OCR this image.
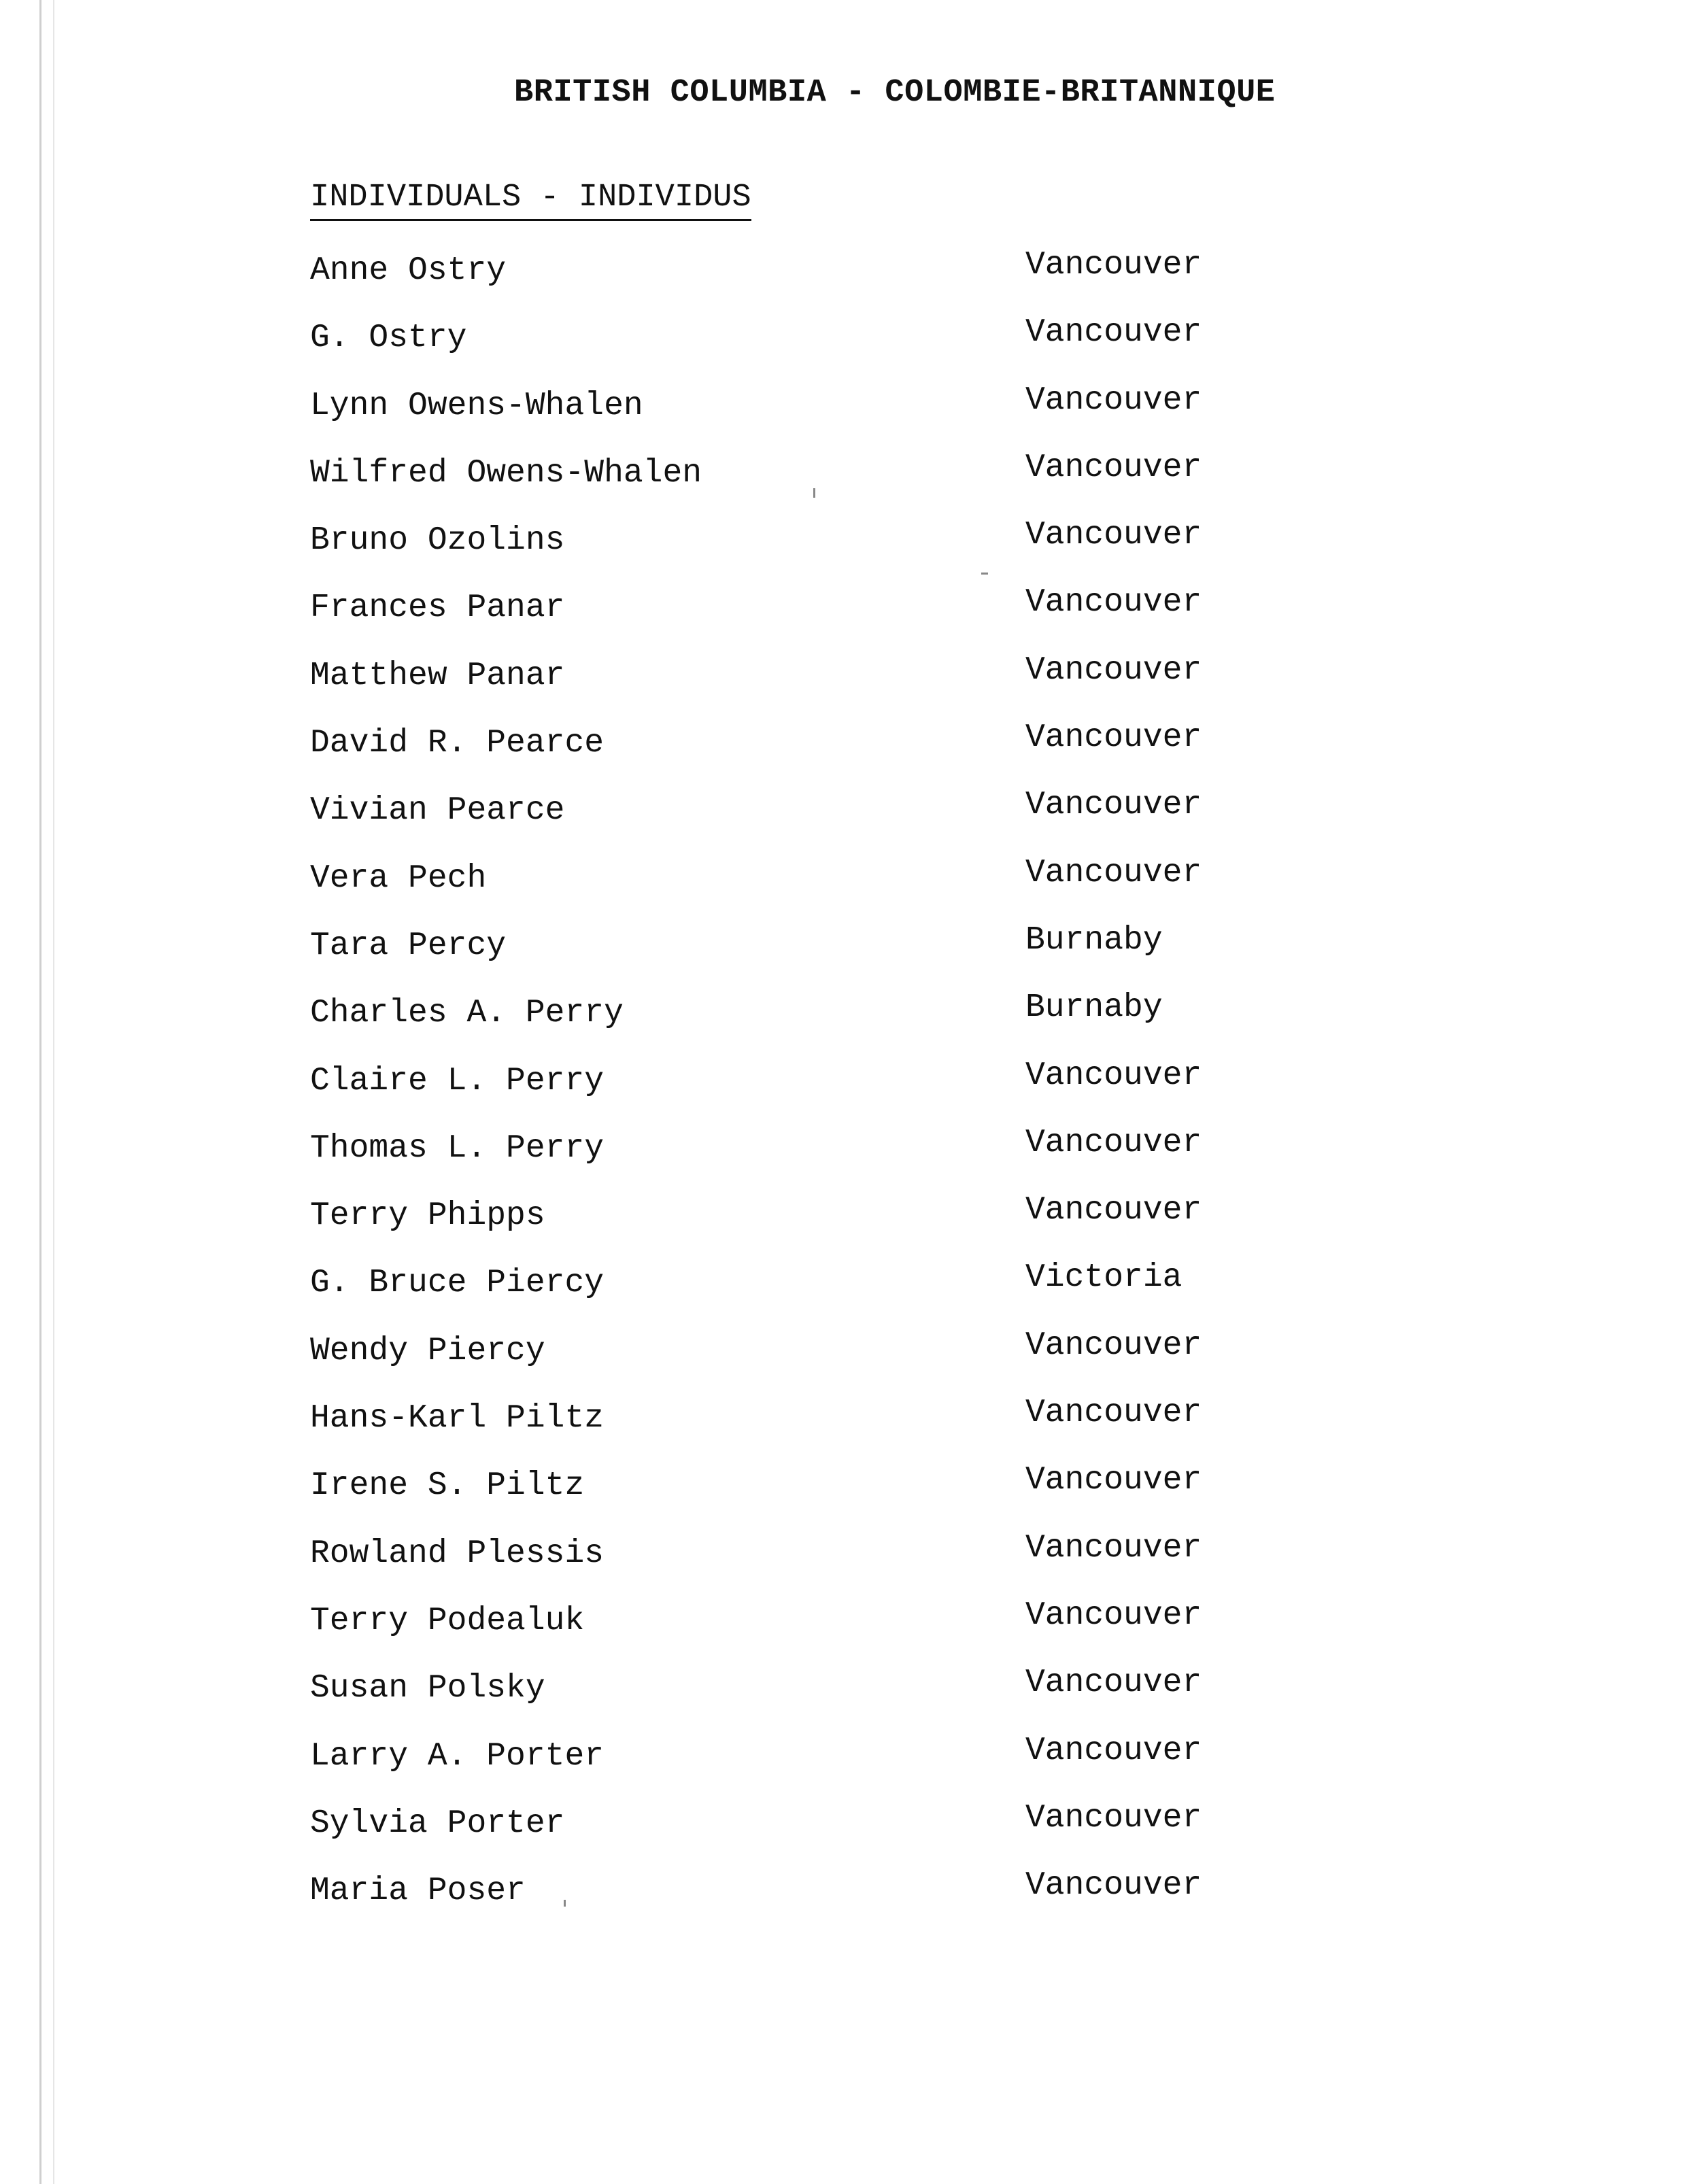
BRITISH COLUMBIA - COLOMBIE-BRITANNIQUE
INDIVIDUALS - INDIVIDUS
Anne Ostry	Vancouver
G. Ostry	Vancouver
Lynn Owens-Whalen	Vancouver
Wilfred Owens-Whalen	Vancouver
Bruno Ozolins	Vancouver
Frances Panar	Vancouver
Matthew Panar	Vancouver
David R. Pearce	Vancouver
Vivian Pearce	Vancouver
Vera Pech	Vancouver
Tara Percy	Burnaby
Charles A. Perry	Burnaby
Claire L. Perry	Vancouver
Thomas L. Perry	Vancouver
Terry Phipps	Vancouver
G. Bruce Piercy	Victoria
Wendy Piercy	Vancouver
Hans-Karl Piltz	Vancouver
Irene S. Piltz	Vancouver
Rowland Plessis	Vancouver
Terry Podealuk	Vancouver
Susan Polsky	Vancouver
Larry A. Porter	Vancouver
Sylvia Porter	Vancouver
Maria Poser	Vancouver
